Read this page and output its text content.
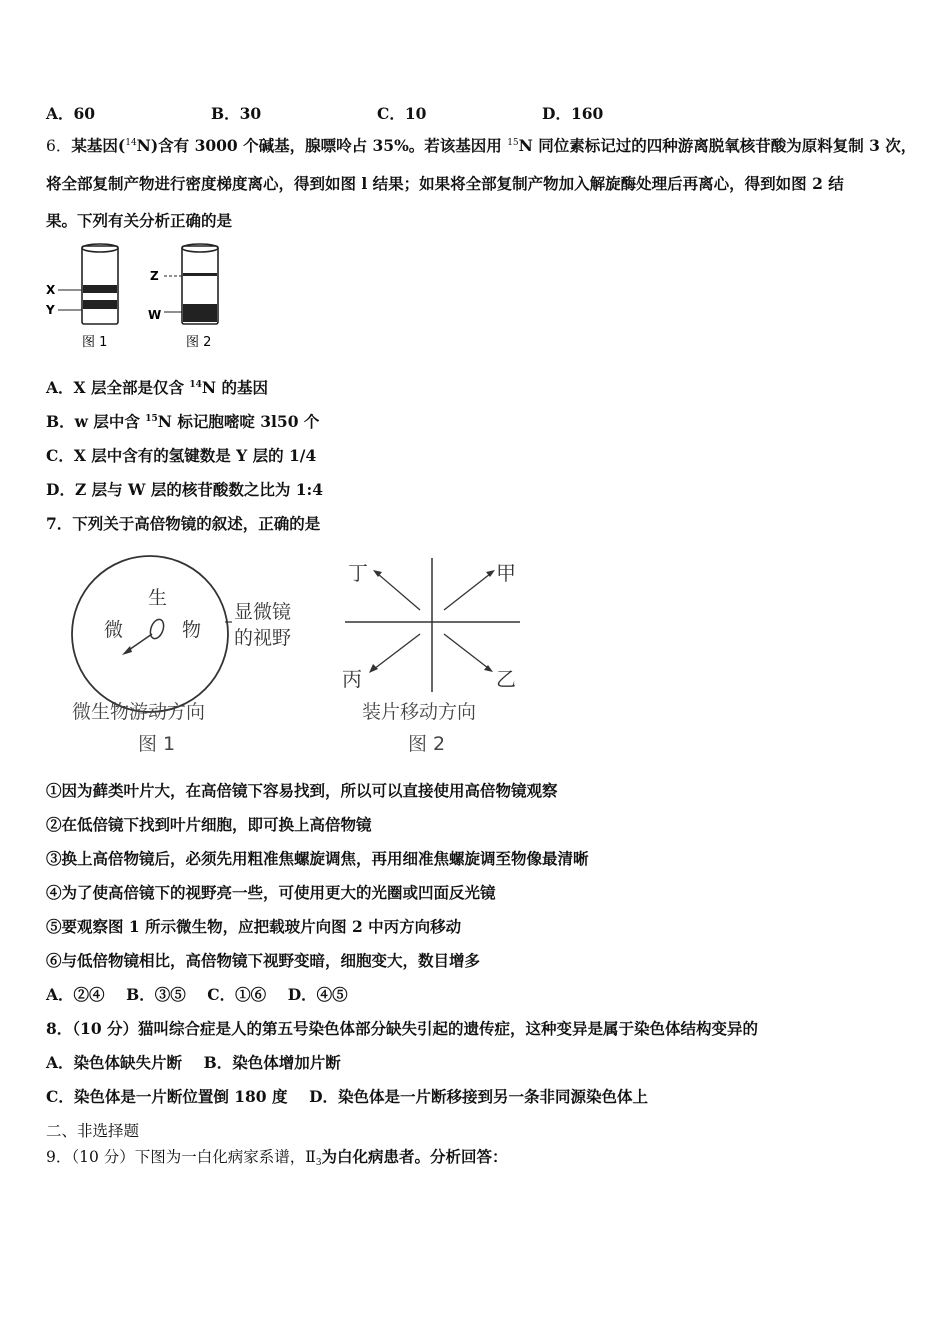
A．60	B．30	C．10	D．160
6．某基因($^{14}$N)含有 3000 个碱基，腺嘌呤占 35%。若该基因用 $^{15}$N 同位素标记过的四种游离脱氧核苷酸为原料复制 3 次，
将全部复制产物进行密度梯度离心，得到如图 l 结果；如果将全部复制产物加入解旋酶处理后再离心，得到如图 2 结
果。下列有关分析正确的是
X
Y
图 1
Z
W
图 2
A．X 层全部是仅含 $^{14}$N 的基因
B．w 层中含 $^{15}$N 标记胞嘧啶 3l50 个
C．X 层中含有的氢键数是 Y 层的 1/4
D．Z 层与 W 层的核苷酸数之比为 1:4
7．下列关于高倍物镜的叙述，正确的是
生
微	物
显微镜
的视野
微生物游动方向
图 1
丁	甲
丙	乙
装片移动方向
图 2
①因为藓类叶片大，在高倍镜下容易找到，所以可以直接使用高倍物镜观察
②在低倍镜下找到叶片细胞，即可换上高倍物镜
③换上高倍物镜后，必须先用粗准焦螺旋调焦，再用细准焦螺旋调至物像最清晰
④为了使高倍镜下的视野亮一些，可使用更大的光圈或凹面反光镜
⑤要观察图 1 所示微生物，应把载玻片向图 2 中丙方向移动
⑥与低倍物镜相比，高倍物镜下视野变暗，细胞变大，数目增多
A．②④    B．③⑤    C．①⑥    D．④⑤
8．（10 分）猫叫综合症是人的第五号染色体部分缺失引起的遗传症，这种变异是属于染色体结构变异的
A．染色体缺失片断    B．染色体增加片断
C．染色体是一片断位置倒 180 度    D．染色体是一片断移接到另一条非同源染色体上
二、非选择题
9．（10 分）下图为一白化病家系谱，$Ⅱ_3$为白化病患者。分析回答：
